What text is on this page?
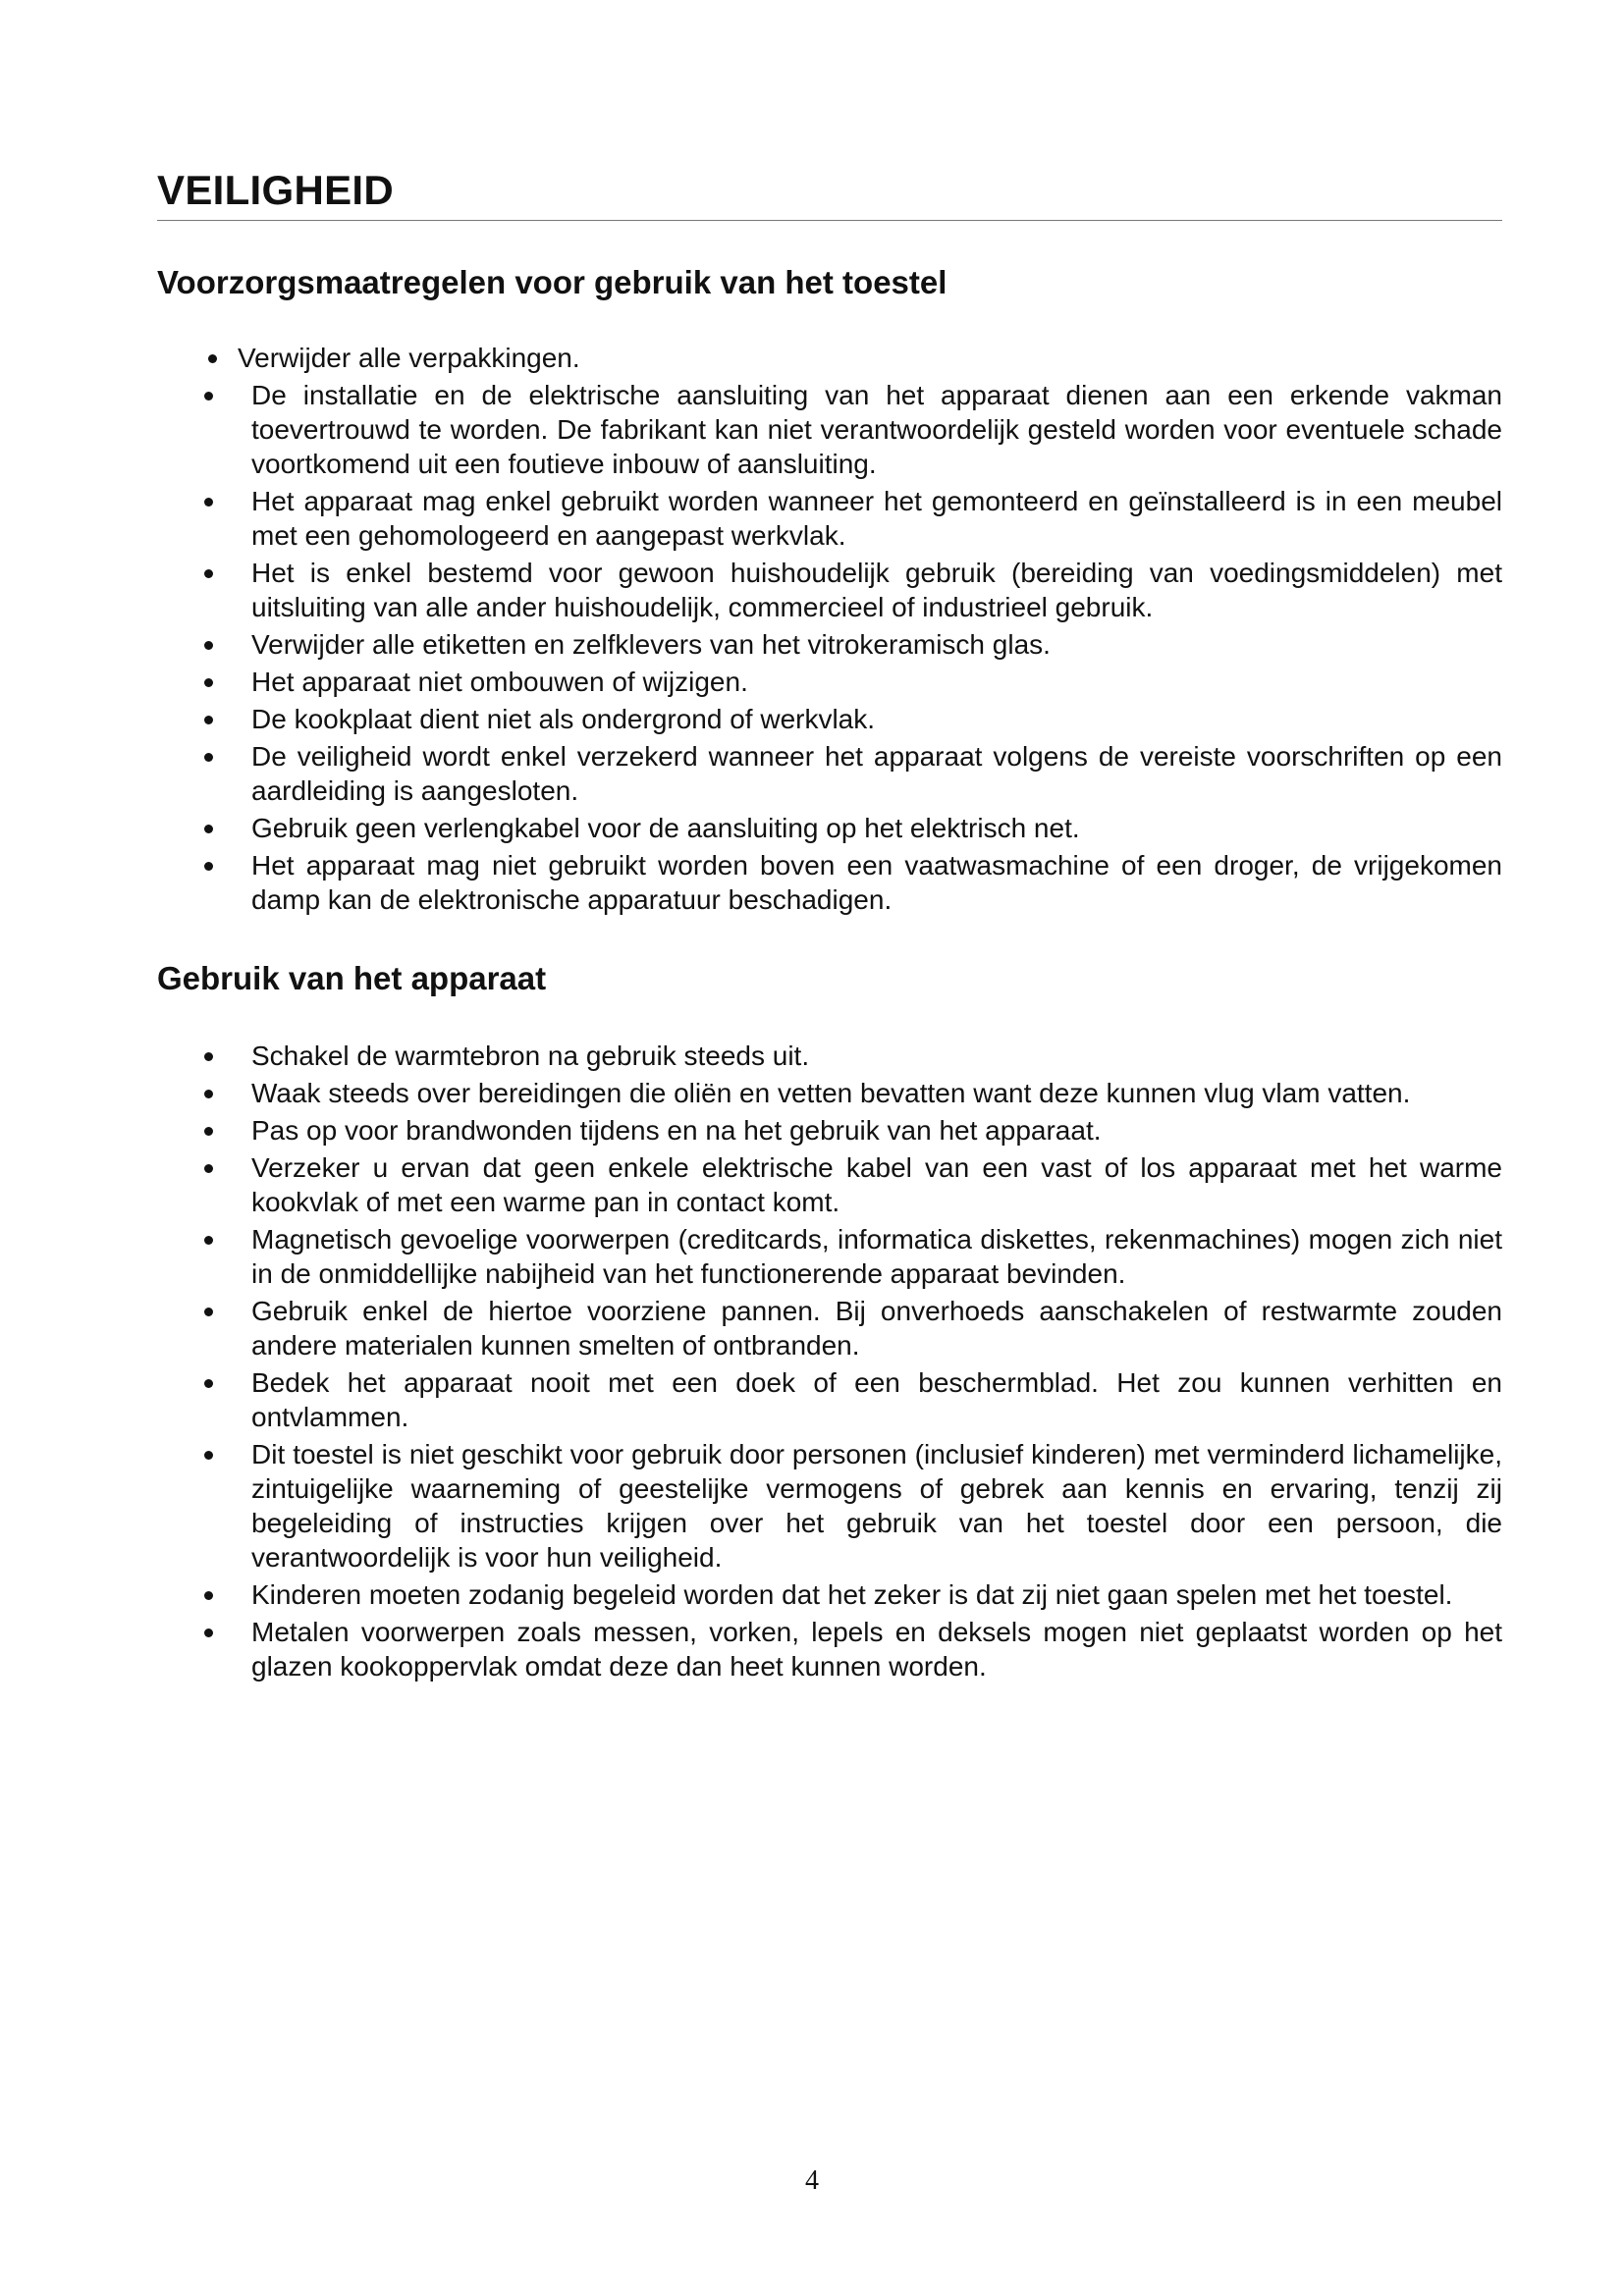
VEILIGHEID
Voorzorgsmaatregelen voor gebruik van het toestel
Verwijder alle verpakkingen.
De installatie en de elektrische aansluiting van het apparaat dienen aan een erkende vakman toevertrouwd te worden. De fabrikant kan niet verantwoordelijk gesteld worden voor eventuele schade voortkomend uit een foutieve inbouw of aansluiting.
Het apparaat mag enkel gebruikt worden wanneer het gemonteerd en geïnstalleerd is in een meubel met een gehomologeerd en aangepast werkvlak.
Het is enkel bestemd voor gewoon huishoudelijk gebruik (bereiding van voedingsmiddelen) met uitsluiting van alle ander huishoudelijk, commercieel of industrieel gebruik.
Verwijder alle etiketten en zelfklevers van het vitrokeramisch glas.
Het apparaat niet ombouwen of wijzigen.
De kookplaat dient niet als ondergrond of werkvlak.
De veiligheid wordt enkel verzekerd wanneer het apparaat volgens de vereiste voorschriften op een aardleiding is aangesloten.
Gebruik geen verlengkabel voor de aansluiting op het elektrisch net.
Het apparaat mag niet gebruikt worden boven een vaatwasmachine of een droger, de vrijgekomen damp kan de elektronische apparatuur beschadigen.
Gebruik van het apparaat
Schakel de warmtebron na gebruik steeds uit.
Waak steeds over bereidingen die oliën en vetten bevatten want deze kunnen vlug vlam vatten.
Pas op voor brandwonden tijdens en na het gebruik van het apparaat.
Verzeker u ervan dat geen enkele elektrische kabel van een vast of los apparaat met het warme kookvlak of met een warme pan in contact komt.
Magnetisch gevoelige voorwerpen (creditcards, informatica diskettes, rekenmachines) mogen zich niet in de onmiddellijke nabijheid van het functionerende apparaat bevinden.
Gebruik enkel de hiertoe voorziene pannen. Bij onverhoeds aanschakelen of restwarmte zouden andere materialen kunnen smelten of ontbranden.
Bedek het apparaat nooit met een doek of een beschermblad. Het zou kunnen verhitten en ontvlammen.
Dit toestel is niet geschikt voor gebruik door personen (inclusief kinderen) met verminderd lichamelijke, zintuigelijke waarneming of geestelijke vermogens of gebrek aan kennis en ervaring, tenzij zij begeleiding of instructies krijgen over het gebruik van het toestel door een persoon, die verantwoordelijk is voor hun veiligheid.
Kinderen moeten zodanig begeleid worden dat het zeker is dat zij niet gaan spelen met het toestel.
Metalen voorwerpen zoals messen, vorken, lepels en deksels mogen niet geplaatst worden op het glazen kookoppervlak omdat deze dan heet kunnen worden.
4
